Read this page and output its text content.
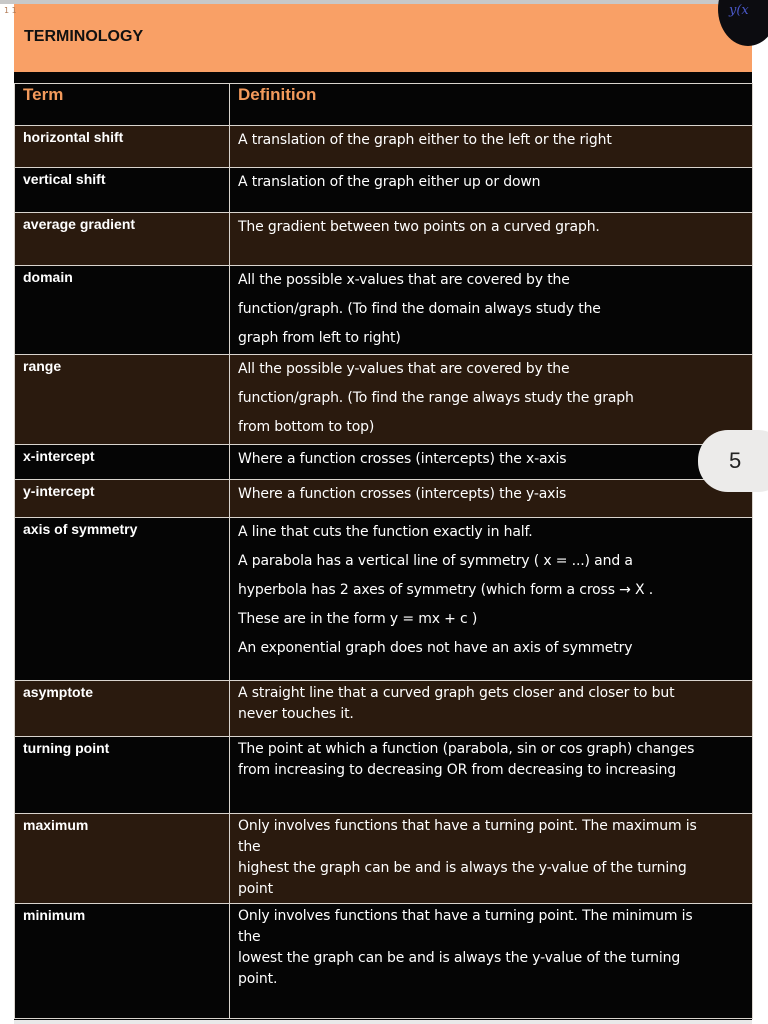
1 1
TERMINOLOGY
y(x
Term	Definition
horizontal shift	A translation of the graph either to the left or the right

vertical shift	A translation of the graph either up or down

average gradient	The gradient between two points on a curved graph.

domain	All the possible x-values that are covered by the
function/graph. (To find the domain always study the
graph from left to right)

range	All the possible y-values that are covered by the
function/graph. (To find the range always study the graph
from bottom to top)

x-intercept	Where a function crosses (intercepts) the x-axis

y-intercept	Where a function crosses (intercepts) the y-axis

axis of symmetry	A line that cuts the function exactly in half.
A parabola has a vertical line of symmetry ( x = ...) and a
hyperbola has 2 axes of symmetry (which form a cross → X .
These are in the form y = mx + c )
An exponential graph does not have an axis of symmetry

asymptote	A straight line that a curved graph gets closer and closer to but
never touches it.

turning point	The point at which a function (parabola, sin or cos graph) changes
from increasing to decreasing OR from decreasing to increasing

maximum	Only involves functions that have a turning point. The maximum is
the
highest the graph can be and is always the y-value of the turning
point

minimum	Only involves functions that have a turning point. The minimum is
the
lowest the graph can be and is always the y-value of the turning
point.
5
